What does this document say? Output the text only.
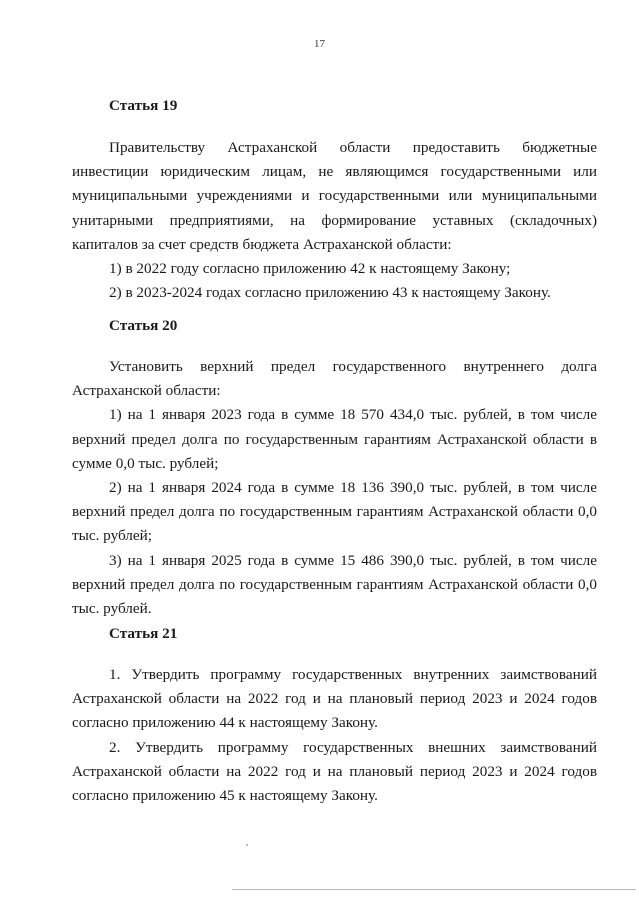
17
Статья 19

Правительству Астраханской области предоставить бюджетные инвестиции юридическим лицам, не являющимся государственными или муниципальными учреждениями и государственными или муниципальными унитарными предприятиями, на формирование уставных (складочных) капиталов за счет средств бюджета Астраханской области:

1) в 2022 году согласно приложению 42 к настоящему Закону;

2) в 2023-2024 годах согласно приложению 43 к настоящему Закону.

Статья 20

Установить верхний предел государственного внутреннего долга Астраханской области:

1) на 1 января 2023 года в сумме 18 570 434,0 тыс. рублей, в том числе верхний предел долга по государственным гарантиям Астраханской области в сумме 0,0 тыс. рублей;

2) на 1 января 2024 года в сумме 18 136 390,0 тыс. рублей, в том числе верхний предел долга по государственным гарантиям Астраханской области 0,0 тыс. рублей;

3) на 1 января 2025 года в сумме 15 486 390,0 тыс. рублей, в том числе верхний предел долга по государственным гарантиям Астраханской области 0,0 тыс. рублей.

Статья 21

1. Утвердить программу государственных внутренних заимствований Астраханской области на 2022 год и на плановый период 2023 и 2024 годов согласно приложению 44 к настоящему Закону.

2. Утвердить программу государственных внешних заимствований Астраханской области на 2022 год и на плановый период 2023 и 2024 годов согласно приложению 45 к настоящему Закону.
